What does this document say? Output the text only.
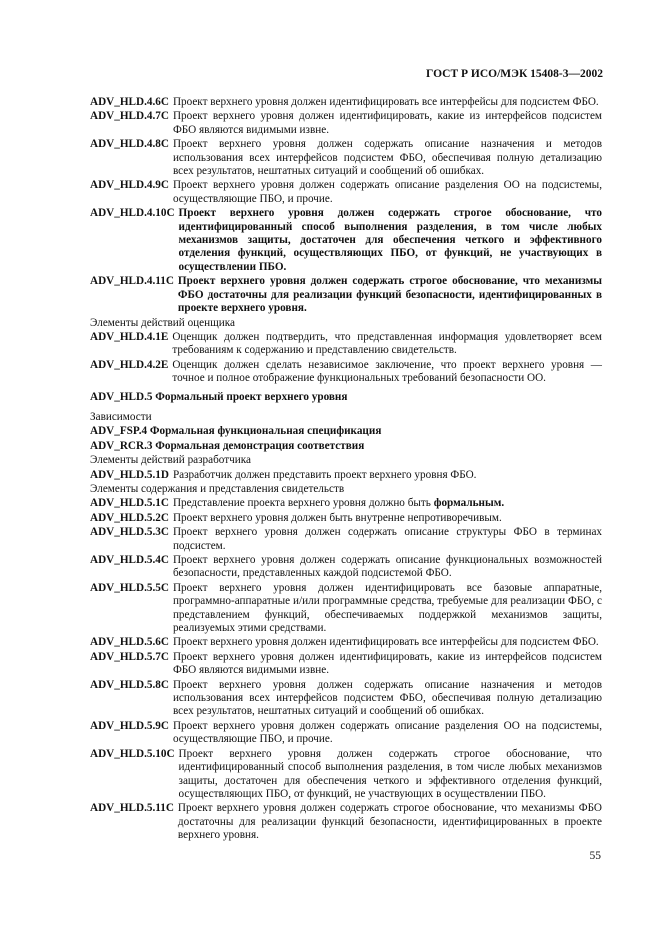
ГОСТ Р ИСО/МЭК 15408-3—2002
ADV_HLD.4.6C Проект верхнего уровня должен идентифицировать все интерфейсы для подсистем ФБО.
ADV_HLD.4.7C Проект верхнего уровня должен идентифицировать, какие из интерфейсов подсистем ФБО являются видимыми извне.
ADV_HLD.4.8C Проект верхнего уровня должен содержать описание назначения и методов использования всех интерфейсов подсистем ФБО, обеспечивая полную детализацию всех результатов, нештатных ситуаций и сообщений об ошибках.
ADV_HLD.4.9C Проект верхнего уровня должен содержать описание разделения ОО на подсистемы, осуществляющие ПБО, и прочие.
ADV_HLD.4.10C Проект верхнего уровня должен содержать строгое обоснование, что идентифицированный способ выполнения разделения, в том числе любых механизмов защиты, достаточен для обеспечения четкого и эффективного отделения функций, осуществляющих ПБО, от функций, не участвующих в осуществлении ПБО.
ADV_HLD.4.11C Проект верхнего уровня должен содержать строгое обоснование, что механизмы ФБО достаточны для реализации функций безопасности, идентифицированных в проекте верхнего уровня.
Элементы действий оценщика
ADV_HLD.4.1E Оценщик должен подтвердить, что представленная информация удовлетворяет всем требованиям к содержанию и представлению свидетельств.
ADV_HLD.4.2E Оценщик должен сделать независимое заключение, что проект верхнего уровня — точное и полное отображение функциональных требований безопасности ОО.
ADV_HLD.5 Формальный проект верхнего уровня
Зависимости
ADV_FSP.4 Формальная функциональная спецификация
ADV_RCR.3 Формальная демонстрация соответствия
Элементы действий разработчика
ADV_HLD.5.1D Разработчик должен представить проект верхнего уровня ФБО.
Элементы содержания и представления свидетельств
ADV_HLD.5.1C Представление проекта верхнего уровня должно быть формальным.
ADV_HLD.5.2C Проект верхнего уровня должен быть внутренне непротиворечивым.
ADV_HLD.5.3C Проект верхнего уровня должен содержать описание структуры ФБО в терминах подсистем.
ADV_HLD.5.4C Проект верхнего уровня должен содержать описание функциональных возможностей безопасности, представленных каждой подсистемой ФБО.
ADV_HLD.5.5C Проект верхнего уровня должен идентифицировать все базовые аппаратные, программно-аппаратные и/или программные средства, требуемые для реализации ФБО, с представлением функций, обеспечиваемых поддержкой механизмов защиты, реализуемых этими средствами.
ADV_HLD.5.6C Проект верхнего уровня должен идентифицировать все интерфейсы для подсистем ФБО.
ADV_HLD.5.7C Проект верхнего уровня должен идентифицировать, какие из интерфейсов подсистем ФБО являются видимыми извне.
ADV_HLD.5.8C Проект верхнего уровня должен содержать описание назначения и методов использования всех интерфейсов подсистем ФБО, обеспечивая полную детализацию всех результатов, нештатных ситуаций и сообщений об ошибках.
ADV_HLD.5.9C Проект верхнего уровня должен содержать описание разделения ОО на подсистемы, осуществляющие ПБО, и прочие.
ADV_HLD.5.10C Проект верхнего уровня должен содержать строгое обоснование, что идентифицированный способ выполнения разделения, в том числе любых механизмов защиты, достаточен для обеспечения четкого и эффективного отделения функций, осуществляющих ПБО, от функций, не участвующих в осуществлении ПБО.
ADV_HLD.5.11C Проект верхнего уровня должен содержать строгое обоснование, что механизмы ФБО достаточны для реализации функций безопасности, идентифицированных в проекте верхнего уровня.
55
